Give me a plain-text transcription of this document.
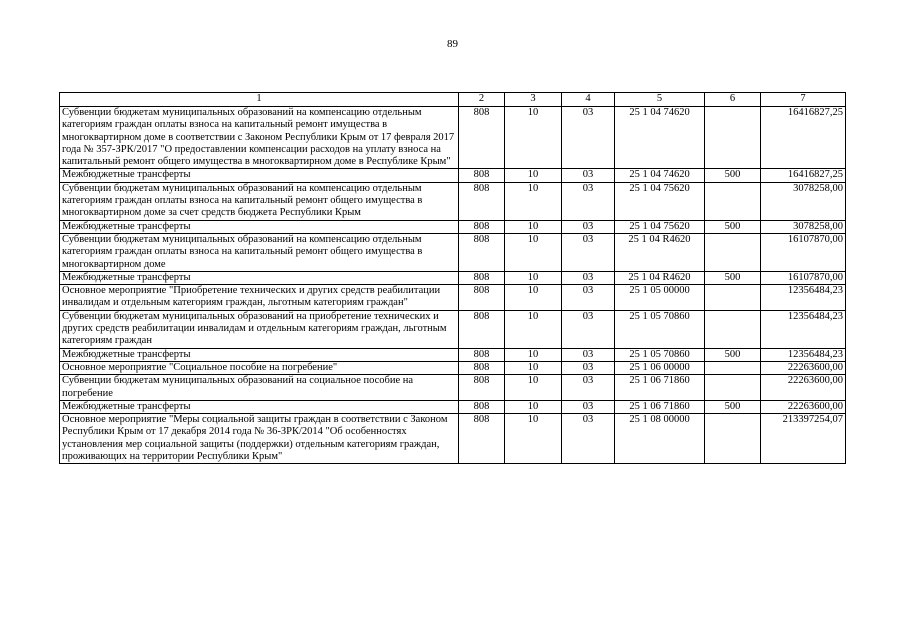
89
1	2	3	4	5	6	7
Субвенции бюджетам муниципальных образований на компенсацию отдельным категориям граждан оплаты взноса на капитальный ремонт имущества в многоквартирном доме в соответствии с Законом Республики Крым от 17 февраля 2017 года № 357-ЗРК/2017 "О предоставлении компенсации расходов на уплату взноса на капитальный ремонт общего имущества в многоквартирном доме в Республике Крым"	808	10	03	25 1 04 74620		16416827,25
Межбюджетные трансферты	808	10	03	25 1 04 74620	500	16416827,25
Субвенции бюджетам муниципальных образований на компенсацию отдельным категориям граждан оплаты взноса на капитальный ремонт общего имущества в многоквартирном доме за счет средств бюджета Республики Крым	808	10	03	25 1 04 75620		3078258,00
Межбюджетные трансферты	808	10	03	25 1 04 75620	500	3078258,00
Субвенции бюджетам муниципальных образований на компенсацию отдельным категориям граждан оплаты взноса на капитальный ремонт общего имущества в многоквартирном доме	808	10	03	25 1 04 R4620		16107870,00
Межбюджетные трансферты	808	10	03	25 1 04 R4620	500	16107870,00
Основное мероприятие "Приобретение технических и других средств реабилитации инвалидам и отдельным категориям граждан, льготным категориям граждан"	808	10	03	25 1 05 00000		12356484,23
Субвенции бюджетам муниципальных образований на приобретение технических и других средств реабилитации инвалидам и отдельным категориям граждан, льготным категориям граждан	808	10	03	25 1 05 70860		12356484,23
Межбюджетные трансферты	808	10	03	25 1 05 70860	500	12356484,23
Основное мероприятие "Социальное пособие на погребение"	808	10	03	25 1 06 00000		22263600,00
Субвенции бюджетам муниципальных образований на социальное пособие на погребение	808	10	03	25 1 06 71860		22263600,00
Межбюджетные трансферты	808	10	03	25 1 06 71860	500	22263600,00
Основное мероприятие "Меры социальной защиты граждан в соответствии с Законом Республики Крым от 17 декабря 2014 года № 36-ЗРК/2014 "Об особенностях установления мер социальной защиты (поддержки) отдельным категориям граждан, проживающих на территории Республики Крым"	808	10	03	25 1 08 00000		213397254,07
